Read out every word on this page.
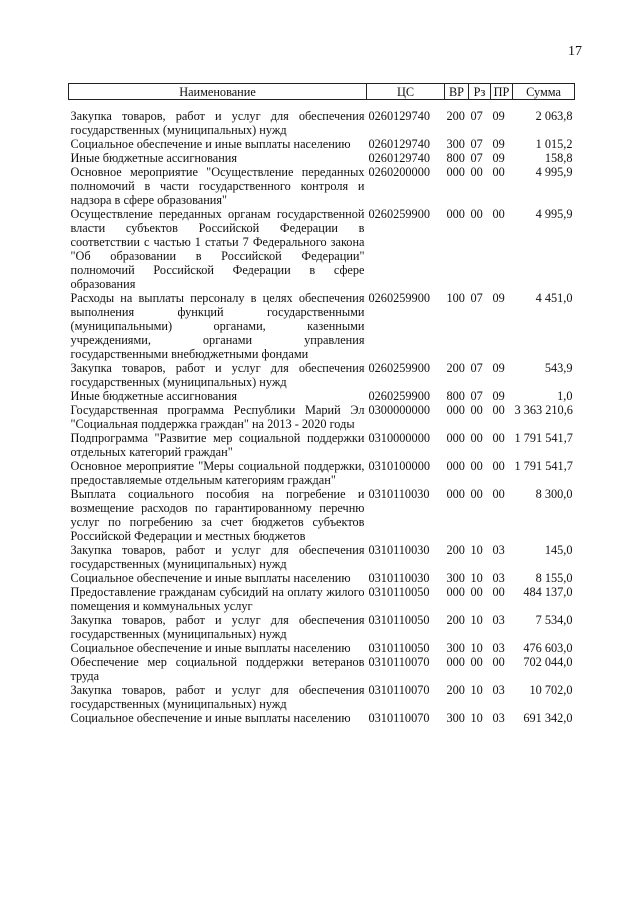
17
Наименование	ЦС	ВР	Рз	ПР	Сумма

Закупка товаров, работ и услуг для обеспечения государственных (муниципальных) нужд	0260129740	200	07	09	2 063,8
Социальное обеспечение и иные выплаты населению	0260129740	300	07	09	1 015,2
Иные бюджетные ассигнования	0260129740	800	07	09	158,8
Основное мероприятие "Осуществление переданных полномочий в части государственного контроля и надзора в сфере образования"	0260200000	000	00	00	4 995,9
Осуществление переданных органам государственной власти субъектов Российской Федерации в соответствии с частью 1 статьи 7 Федерального закона "Об образовании в Российской Федерации" полномочий Российской Федерации в сфере образования	0260259900	000	00	00	4 995,9
Расходы на выплаты персоналу в целях обеспечения выполнения функций государственными (муниципальными) органами, казенными учреждениями, органами управления государственными внебюджетными фондами	0260259900	100	07	09	4 451,0
Закупка товаров, работ и услуг для обеспечения государственных (муниципальных) нужд	0260259900	200	07	09	543,9
Иные бюджетные ассигнования	0260259900	800	07	09	1,0
Государственная программа Республики Марий Эл "Социальная поддержка граждан" на 2013 - 2020 годы	0300000000	000	00	00	3 363 210,6
Подпрограмма "Развитие мер социальной поддержки отдельных категорий граждан"	0310000000	000	00	00	1 791 541,7
Основное мероприятие "Меры социальной поддержки, предоставляемые отдельным категориям граждан"	0310100000	000	00	00	1 791 541,7
Выплата социального пособия на погребение и возмещение расходов по гарантированному перечню услуг по погребению за счет бюджетов субъектов Российской Федерации и местных бюджетов	0310110030	000	00	00	8 300,0
Закупка товаров, работ и услуг для обеспечения государственных (муниципальных) нужд	0310110030	200	10	03	145,0
Социальное обеспечение и иные выплаты населению	0310110030	300	10	03	8 155,0
Предоставление гражданам субсидий на оплату жилого помещения и коммунальных услуг	0310110050	000	00	00	484 137,0
Закупка товаров, работ и услуг для обеспечения государственных (муниципальных) нужд	0310110050	200	10	03	7 534,0
Социальное обеспечение и иные выплаты населению	0310110050	300	10	03	476 603,0
Обеспечение мер социальной поддержки ветеранов труда	0310110070	000	00	00	702 044,0
Закупка товаров, работ и услуг для обеспечения государственных (муниципальных) нужд	0310110070	200	10	03	10 702,0
Социальное обеспечение и иные выплаты населению	0310110070	300	10	03	691 342,0
